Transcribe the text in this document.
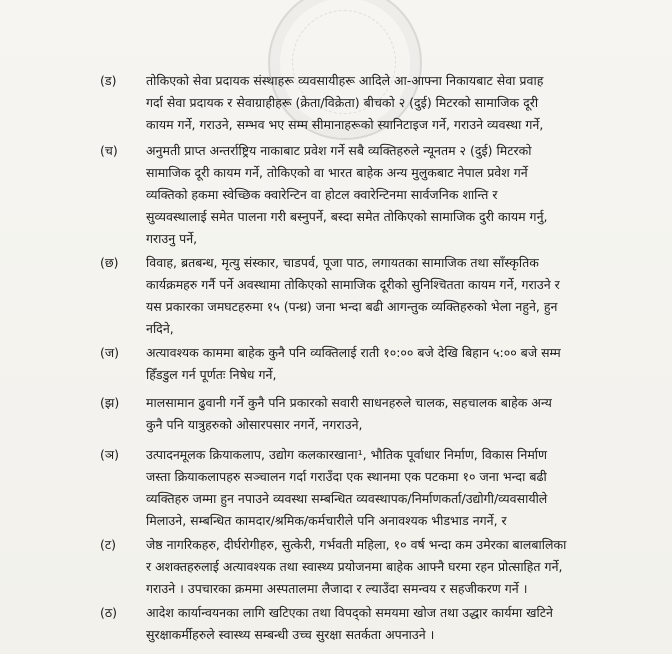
(ड) तोकिएको सेवा प्रदायक संस्थाहरू व्यवसायीहरू आदिले आ-आफ्ना निकायबाट सेवा प्रवाह
गर्दा सेवा प्रदायक र सेवाग्राहीहरू (क्रेता/विक्रेता) बीचको २ (दुई) मिटरको सामाजिक दूरी
कायम गर्ने, गराउने, सम्भव भए सम्म सीमानाहरूको स्यानिटाइज गर्ने, गराउने व्यवस्था गर्ने,
(च) अनुमती प्राप्त अन्तर्राष्ट्रिय नाकाबाट प्रवेश गर्ने सबै व्यक्तिहरुले न्यूनतम २ (दुई) मिटरको
सामाजिक दूरी कायम गर्ने, तोकिएको वा भारत बाहेक अन्य मुलुकबाट नेपाल प्रवेश गर्ने
व्यक्तिको हकमा स्वेच्छिक क्वारेन्टिन वा होटल क्वारेन्टिनमा सार्वजनिक शान्ति र
सुव्यवस्थालाई समेत पालना गरी बस्नुपर्ने, बस्दा समेत तोकिएको सामाजिक दुरी कायम गर्नु,
गराउनु पर्ने,
(छ) विवाह, ब्रतबन्ध, मृत्यु संस्कार, चाडपर्व, पूजा पाठ, लगायतका सामाजिक तथा साँस्कृतिक
कार्यक्रमहरु गर्नै पर्ने अवस्थामा तोकिएको सामाजिक दूरीको सुनिश्चितता कायम गर्ने, गराउने र
यस प्रकारका जमघटहरुमा १५ (पन्ध्र) जना भन्दा बढी आगन्तुक व्यक्तिहरुको भेला नहुने, हुन
नदिने,
(ज) अत्यावश्यक काममा बाहेक कुनै पनि व्यक्तिलाई राती १०:०० बजे देखि बिहान ५:०० बजे सम्म
हिँडडुल गर्न पूर्णतः निषेध गर्ने,
(झ) मालसामान ढुवानी गर्ने कुनै पनि प्रकारको सवारी साधनहरुले चालक, सहचालक बाहेक अन्य
कुनै पनि यात्रुहरुको ओसारपसार नगर्ने, नगराउने,
(ञ) उत्पादनमूलक क्रियाकलाप, उद्योग कलकारखाना¹, भौतिक पूर्वाधार निर्माण, विकास निर्माण
जस्ता क्रियाकलापहरु सञ्चालन गर्दा गराउँदा एक स्थानमा एक पटकमा १० जना भन्दा बढी
व्यक्तिहरु जम्मा हुन नपाउने व्यवस्था सम्बन्धित व्यवस्थापक/निर्माणकर्ता/उद्योगी/व्यवसायीले
मिलाउने, सम्बन्धित कामदार/श्रमिक/कर्मचारीले पनि अनावश्यक भीडभाड नगर्ने, र
(ट) जेष्ठ नागरिकहरु, दीर्घरोगीहरु, सुत्केरी, गर्भवती महिला, १० वर्ष भन्दा कम उमेरका बालबालिका
र अशक्तहरुलाई अत्यावश्यक तथा स्वास्थ्य प्रयोजनमा बाहेक आफ्नै घरमा रहन प्रोत्साहित गर्ने,
गराउने । उपचारका क्रममा अस्पतालमा लैजादा र ल्याउँदा समन्वय र सहजीकरण गर्ने ।
(ठ) आदेश कार्यान्वयनका लागि खटिएका तथा विपद्को समयमा खोज तथा उद्धार कार्यमा खटिने
सुरक्षाकर्मीहरुले स्वास्थ्य सम्बन्धी उच्च सुरक्षा सतर्कता अपनाउने ।
